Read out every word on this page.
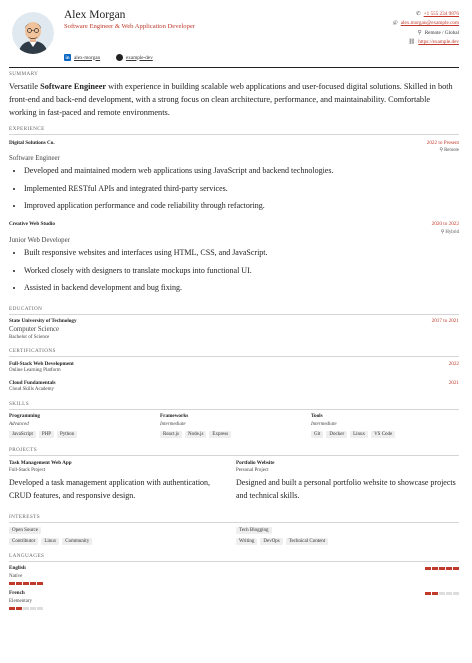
Alex Morgan
Software Engineer & Web Application Developer
✆ +1 555 234 9876
@ alex.morgan@example.com
⚲ Remote / Global
⛓ https://example.dev
in alex-morgan	example-dev
SUMMARY
Versatile Software Engineer with experience in building scalable web applications and user-focused digital solutions. Skilled in both front-end and back-end development, with a strong focus on clean architecture, performance, and maintainability. Comfortable working in fast-paced and remote environments.
EXPERIENCE
Digital Solutions Co.	2022 to Present
⚲ Remote
Software Engineer
• Developed and maintained modern web applications using JavaScript and backend technologies.
• Implemented RESTful APIs and integrated third-party services.
• Improved application performance and code reliability through refactoring.
Creative Web Studio	2020 to 2022
⚲ Hybrid
Junior Web Developer
• Built responsive websites and interfaces using HTML, CSS, and JavaScript.
• Worked closely with designers to translate mockups into functional UI.
• Assisted in backend development and bug fixing.
EDUCATION
State University of Technology	2017 to 2021
Computer Science
Bachelor of Science
CERTIFICATIONS
Full-Stack Web Development	2022
Online Learning Platform
Cloud Fundamentals	2021
Cloud Skills Academy
SKILLS
Programming
Advanced
JavaScript	PHP	Python
Frameworks
Intermediate
React.js	Node.js	Express
Tools
Intermediate
Git	Docker	Linux	VS Code
PROJECTS
Task Management Web App
Full-Stack Project
Developed a task management application with authentication, CRUD features, and responsive design.
Portfolio Website
Personal Project
Designed and built a personal portfolio website to showcase projects and technical skills.
INTERESTS
Open Source
Contributor	Linux	Community
Tech Blogging
Writing	DevOps	Technical Content
LANGUAGES
English
Native
French
Elementary
